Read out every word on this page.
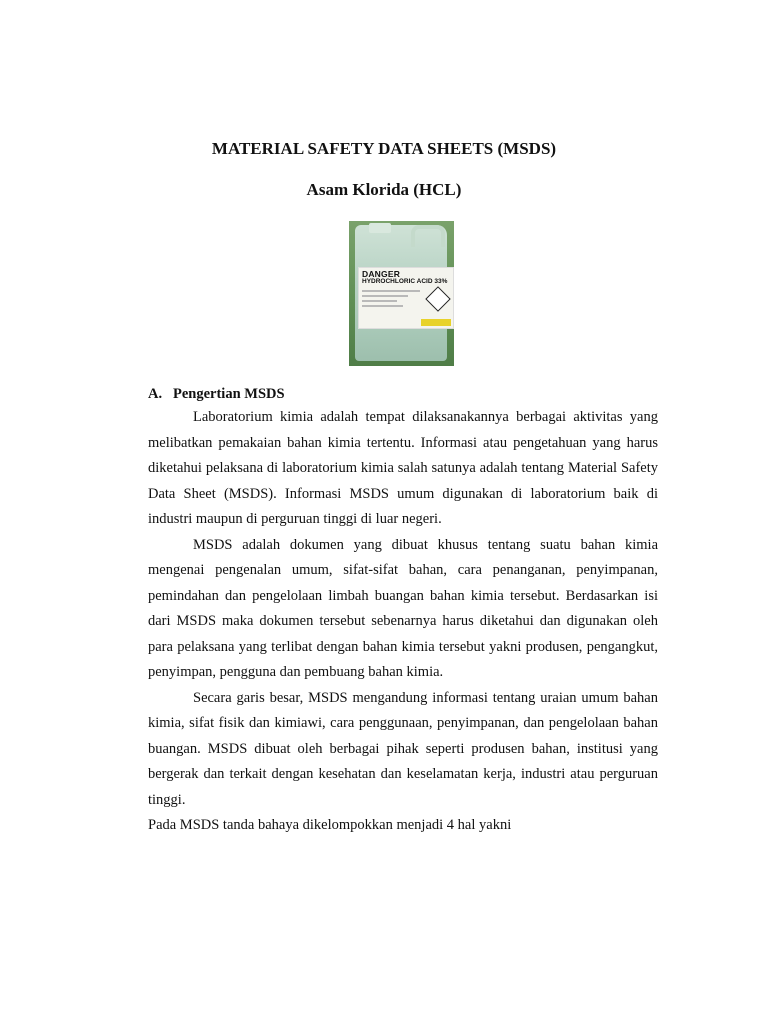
MATERIAL SAFETY DATA SHEETS (MSDS)
Asam Klorida (HCL)
DANGER
HYDROCHLORIC ACID 33%
A. Pengertian MSDS

Laboratorium kimia adalah tempat dilaksanakannya berbagai aktivitas yang melibatkan pemakaian bahan kimia tertentu. Informasi atau pengetahuan yang harus diketahui pelaksana di laboratorium kimia salah satunya adalah tentang Material Safety Data Sheet (MSDS). Informasi MSDS umum digunakan di laboratorium baik di industri maupun di perguruan tinggi di luar negeri.

MSDS adalah dokumen yang dibuat khusus tentang suatu bahan kimia mengenai pengenalan umum, sifat-sifat bahan, cara penanganan, penyimpanan, pemindahan dan pengelolaan limbah buangan bahan kimia tersebut. Berdasarkan isi dari MSDS maka dokumen tersebut sebenarnya harus diketahui dan digunakan oleh para pelaksana yang terlibat dengan bahan kimia tersebut yakni produsen, pengangkut, penyimpan, pengguna dan pembuang bahan kimia.

Secara garis besar, MSDS mengandung informasi tentang uraian umum bahan kimia, sifat fisik dan kimiawi, cara penggunaan, penyimpanan, dan pengelolaan bahan buangan. MSDS dibuat oleh berbagai pihak seperti produsen bahan, institusi yang bergerak dan terkait dengan kesehatan dan keselamatan kerja, industri atau perguruan tinggi.

Pada MSDS tanda bahaya dikelompokkan menjadi 4 hal yakni
